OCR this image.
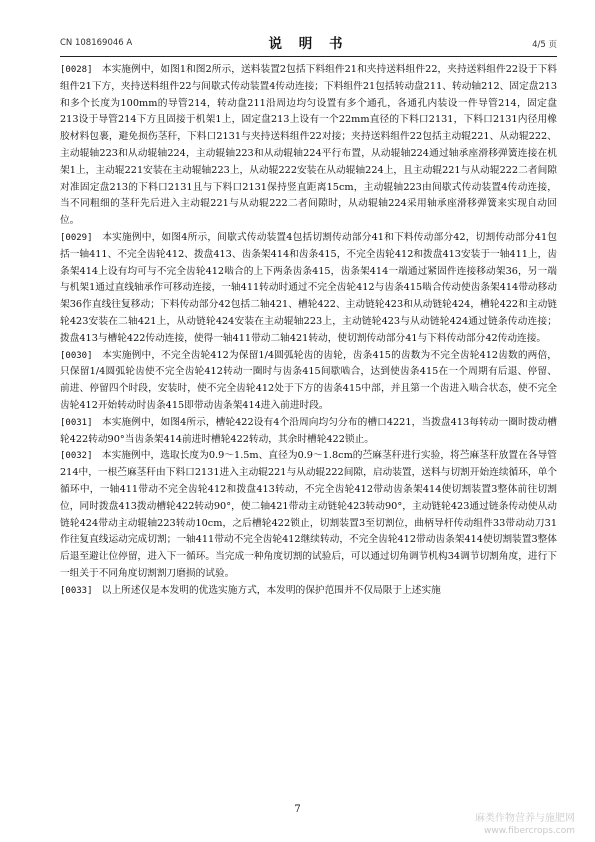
CN 108169046 A	说 明 书	4/5 页

[0028] 本实施例中，如图1和图2所示，送料装置2包括下料组件21和夹持送料组件22，夹持送料组件22设于下料组件21下方，夹持送料组件22与间歇式传动装置4传动连接；下料组件21包括转动盘211、转动轴212、固定盘213和多个长度为100mm的导管214，转动盘211沿周边均匀设置有多个通孔，各通孔内装设一件导管214，固定盘213设于导管214下方且固接于机架1上，固定盘213上设有一个22mm直径的下料口2131，下料口2131内径用橡胶材料包裹，避免损伤茎秆，下料口2131与夹持送料组件22对接；夹持送料组件22包括主动辊221、从动辊222、主动辊轴223和从动辊轴224，主动辊轴223和从动辊轴224平行布置，从动辊轴224通过轴承座滑移弹簧连接在机架1上，主动辊221安装在主动辊轴223上，从动辊222安装在从动辊轴224上，且主动辊221与从动辊222二者间隙对准固定盘213的下料口2131且与下料口2131保持竖直距离15cm，主动辊轴223由间歇式传动装置4传动连接，当不同粗细的茎秆先后进入主动辊221与从动辊222二者间隙时，从动辊轴224采用轴承座滑移弹簧来实现自动回位。

[0029] 本实施例中，如图4所示，间歇式传动装置4包括切割传动部分41和下料传动部分42，切割传动部分41包括一轴411、不完全齿轮412、拨盘413、齿条架414和齿条415，不完全齿轮412和拨盘413安装于一轴411上，齿条架414上设有均可与不完全齿轮412啮合的上下两条齿条415，齿条架414一端通过紧固件连接移动架36，另一端与机架1通过直线轴承作可移动连接，一轴411转动时通过不完全齿轮412与齿条415啮合传动使齿条架414带动移动架36作直线往复移动；下料传动部分42包括二轴421、槽轮422、主动链轮423和从动链轮424，槽轮422和主动链轮423安装在二轴421上，从动链轮424安装在主动辊轴223上，主动链轮423与从动链轮424通过链条传动连接；拨盘413与槽轮422传动连接，使得一轴411带动二轴421转动，使切割传动部分41与下料传动部分42传动连接。

[0030] 本实施例中，不完全齿轮412为保留1/4圆弧轮齿的齿轮，齿条415的齿数为不完全齿轮412齿数的两倍，只保留1/4圆弧轮齿使不完全齿轮412转动一圈时与齿条415间歇啮合，达到使齿条415在一个周期有后退、停留、前进、停留四个时段，安装时，使不完全齿轮412处于下方的齿条415中部，并且第一个齿进入啮合状态，使不完全齿轮412开始转动时齿条415即带动齿条架414进入前进时段。

[0031] 本实施例中，如图4所示，槽轮422设有4个沿周向均匀分布的槽口4221，当拨盘413每转动一圈时拨动槽轮422转动90°当齿条架414前进时槽轮422转动，其余时槽轮422锁止。

[0032] 本实施例中，选取长度为0.9～1.5m、直径为0.9～1.8cm的苎麻茎秆进行实验，将苎麻茎秆放置在各导管214中，一根苎麻茎秆由下料口2131进入主动辊221与从动辊222间隙，启动装置，送料与切割开始连续循环，单个循环中，一轴411带动不完全齿轮412和拨盘413转动，不完全齿轮412带动齿条架414使切割装置3整体前往切割位，同时拨盘413拨动槽轮422转动90°，使二轴421带动主动链轮423转动90°，主动链轮423通过链条传动使从动链轮424带动主动辊轴223转动10cm，之后槽轮422锁止，切割装置3至切割位，曲柄导杆传动组件33带动动刀31作往复直线运动完成切割；一轴411带动不完全齿轮412继续转动，不完全齿轮412带动齿条架414使切割装置3整体后退至避让位停留，进入下一循环。当完成一种角度切割的试验后，可以通过切角调节机构34调节切割角度，进行下一组关于不同角度切割割刀磨损的试验。

[0033] 以上所述仅是本发明的优选实施方式，本发明的保护范围并不仅局限于上述实施

7
麻类作物营养与施肥网
www.fibercrops.com
